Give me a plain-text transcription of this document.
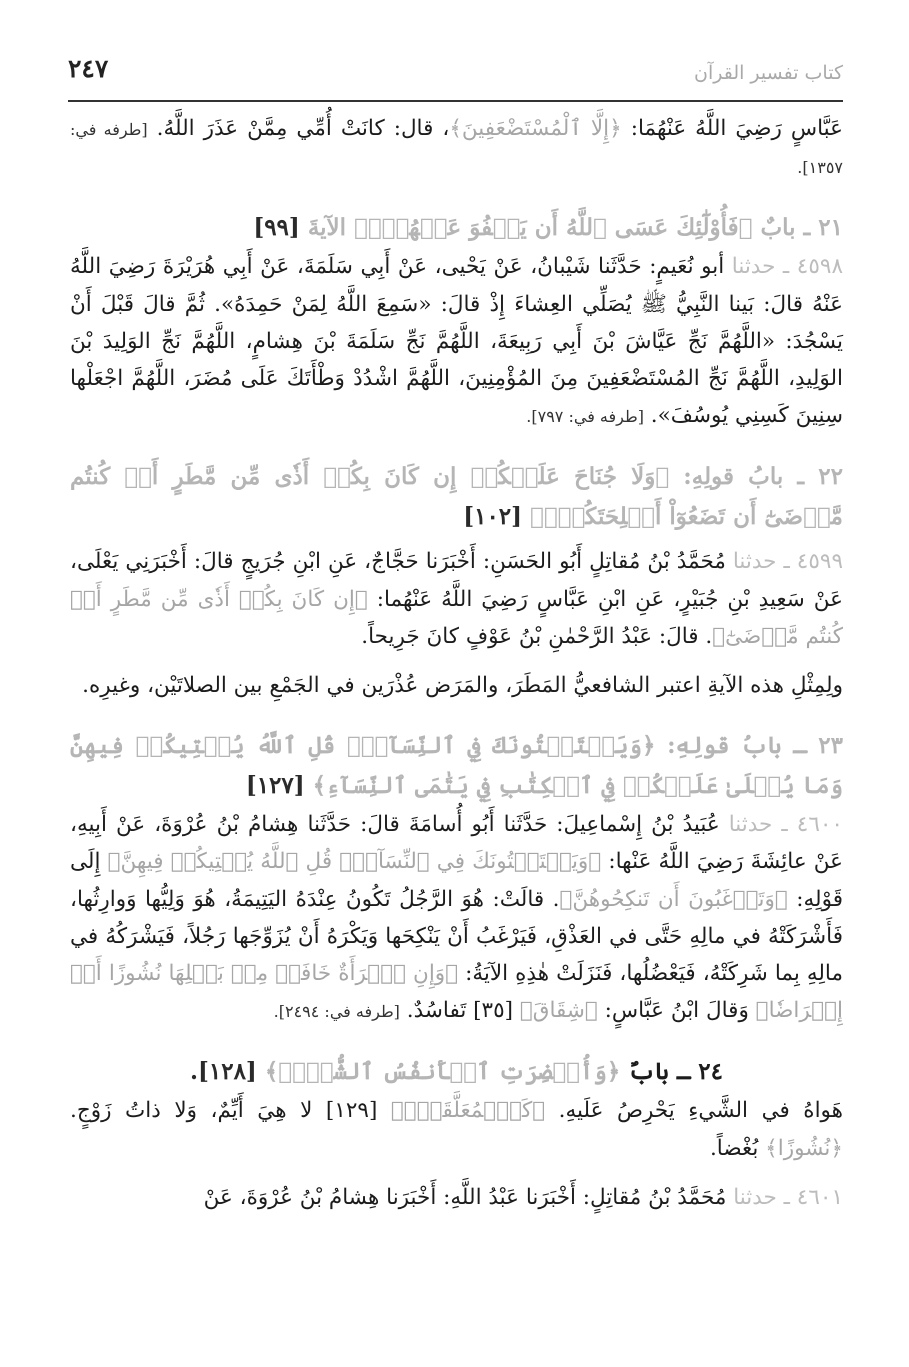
٢٤٧	كتاب تفسير القرآن

عَبَّاسٍ رَضِيَ اللَّهُ عَنْهُمَا: ﴿إِلَّا ٱلْمُسْتَضْعَفِينَ﴾، قال: كانَتْ أُمِّي مِمَّنْ عَذَرَ اللَّهُ. [طرفه في: ١٣٥٧].

٢١ ـ بابٌ ﴿فَأُوْلَٰٓئِكَ عَسَى ٱللَّهُ أَن يَعۡفُوَ عَنۡهُمۡۚ﴾ الآيةَ [٩٩]

٤٥٩٨ ـ حدثنا أبو نُعَيمٍ: حَدَّثَنا شَيْبانُ، عَنْ يَحْيى، عَنْ أَبِي سَلَمَةَ، عَنْ أَبِي هُرَيْرَةَ رَضِيَ اللَّهُ عَنْهُ قالَ: بَينا النَّبِيُّ ﷺ يُصَلِّي العِشاءَ إِذْ قالَ: «سَمِعَ اللَّهُ لِمَنْ حَمِدَهُ». ثُمَّ قالَ قَبْلَ أَنْ يَسْجُدَ: «اللَّهُمَّ نَجِّ عَيَّاشَ بْنَ أَبِي رَبِيعَةَ، اللَّهُمَّ نَجِّ سَلَمَةَ بْنَ هِشامٍ، اللَّهُمَّ نَجِّ الوَلِيدَ بْنَ الوَلِيدِ، اللَّهُمَّ نَجِّ المُسْتَضْعَفِينَ مِنَ المُؤْمِنِينَ، اللَّهُمَّ اشْدُدْ وَطْأَتَكَ عَلَى مُضَرَ، اللَّهُمَّ اجْعَلْها سِنِينَ كَسِنِي يُوسُفَ». [طرفه في: ٧٩٧].

٢٢ ـ بابُ قولِهِ: ﴿وَلَا جُنَاحَ عَلَيۡكُمۡ إِن كَانَ بِكُمۡ أَذٗى مِّن مَّطَرٍ أَوۡ كُنتُم مَّرۡضَىٰٓ أَن تَضَعُوٓاْ أَسۡلِحَتَكُمۡۖ﴾ [١٠٢]

٤٥٩٩ ـ حدثنا مُحَمَّدُ بْنُ مُقاتِلٍ أَبُو الحَسَنِ: أَخْبَرَنا حَجَّاجٌ، عَنِ ابْنِ جُرَيجٍ قالَ: أَخْبَرَنِي يَعْلَى، عَنْ سَعِيدِ بْنِ جُبَيْرٍ، عَنِ ابْنِ عَبَّاسٍ رَضِيَ اللَّهُ عَنْهُما: ﴿إِن كَانَ بِكُمۡ أَذٗى مِّن مَّطَرٍ أَوۡ كُنتُم مَّرۡضَىٰٓ﴾. قالَ: عَبْدُ الرَّحْمٰنِ بْنُ عَوْفٍ كانَ جَرِيحاً.

ولِمِثْلِ هذه الآيةِ اعتبر الشافعيُّ المَطَرَ، والمَرَض عُذْرَين في الجَمْعِ بين الصلاتَيْن، وغيرِه.

٢٣ ـ بابُ قولِهِ: ﴿وَيَسۡتَفۡتُونَكَ فِي ٱلنِّسَآءِۖ قُلِ ٱللَّهُ يُفۡتِيكُمۡ فِيهِنَّ وَمَا يُتۡلَىٰ عَلَيۡكُمۡ فِي ٱلۡكِتَٰبِ فِي يَتَٰمَى ٱلنِّسَآءِ﴾ [١٢٧]

٤٦٠٠ ـ حدثنا عُبَيدُ بْنُ إِسْماعِيلَ: حَدَّثَنا أَبُو أُسامَةَ قالَ: حَدَّثَنا هِشامُ بْنُ عُرْوَةَ، عَنْ أَبِيهِ، عَنْ عائِشَةَ رَضِيَ اللَّهُ عَنْها: ﴿وَيَسۡتَفۡتُونَكَ فِي ٱلنِّسَآءِۖ قُلِ ٱللَّهُ يُفۡتِيكُمۡ فِيهِنَّ﴾ إِلَى قَوْلِهِ: ﴿وَتَرۡغَبُونَ أَن تَنكِحُوهُنَّ﴾. قالَتْ: هُوَ الرَّجُلُ تَكُونُ عِنْدَهُ اليَتِيمَةُ، هُوَ وَلِيُّها وَوارِثُها، فَأَشْرَكَتْهُ في مالِهِ حَتَّى في العَذْقِ، فَيَرْغَبُ أَنْ يَنْكِحَها وَيَكْرَهُ أَنْ يُزَوِّجَها رَجُلاً، فَيَشْرَكُهُ في مالِهِ بِما شَرِكَتْهُ، فَيَعْضُلُها، فَنَزَلَتْ هٰذِهِ الآيَةُ: ﴿وَإِنِ ٱمۡرَأَةٌ خَافَتۡ مِنۢ بَعۡلِهَا نُشُوزًا أَوۡ إِعۡرَاضٗا﴾ وَقالَ ابْنُ عَبَّاسٍ: ﴿شِقَاقَ﴾ [٣٥] تَفاسُدٌ. [طرفه في: ٢٤٩٤].

٢٤ ـ بابٌ ﴿وَأُحۡضِرَتِ ٱلۡأَنفُسُ ٱلشُّحَّۚ﴾ [١٢٨].

هَواهُ في الشَّيءِ يَحْرِصُ عَلَيهِ. ﴿كَٱلۡمُعَلَّقَةِۚ﴾ [١٢٩] لا هِيَ أَيِّمٌ، وَلا ذاتُ زَوْجٍ. ﴿نُشُوزًا﴾ بُغْضاً.

٤٦٠١ ـ حدثنا مُحَمَّدُ بْنُ مُقاتِلٍ: أَخْبَرَنا عَبْدُ اللَّهِ: أَخْبَرَنا هِشامُ بْنُ عُرْوَةَ، عَنْ
